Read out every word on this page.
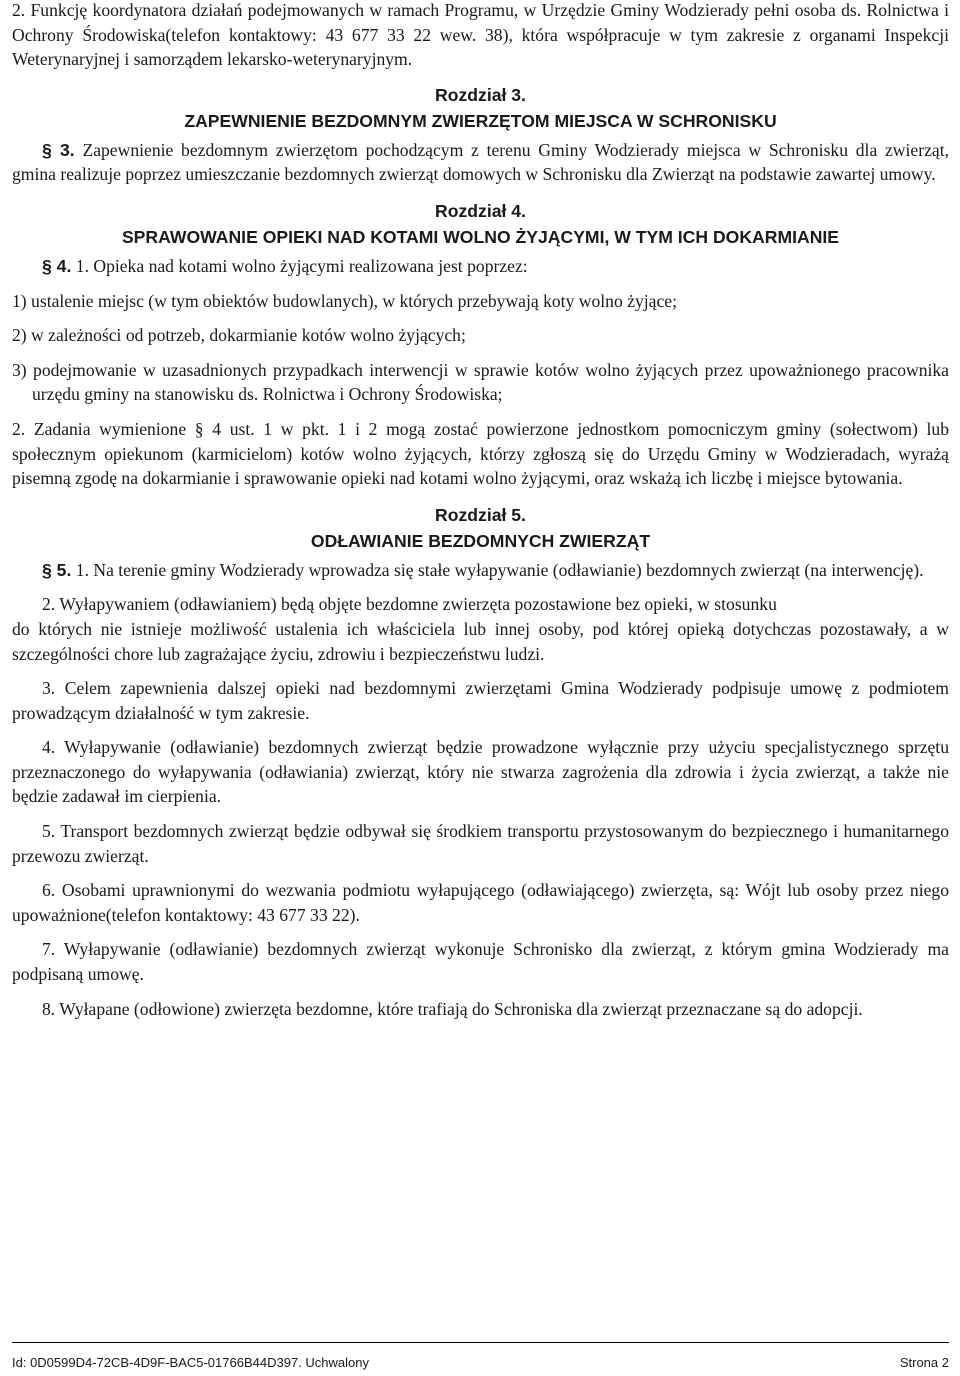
2. Funkcję koordynatora działań podejmowanych w ramach Programu, w Urzędzie Gminy Wodzierady pełni osoba ds. Rolnictwa i Ochrony Środowiska(telefon kontaktowy: 43 677 33 22 wew. 38), która współpracuje w tym zakresie z organami Inspekcji Weterynaryjnej i samorządem lekarsko-weterynaryjnym.

Rozdział 3.

ZAPEWNIENIE BEZDOMNYM ZWIERZĘTOM MIEJSCA W SCHRONISKU

§ 3. Zapewnienie bezdomnym zwierzętom pochodzącym z terenu Gminy Wodzierady miejsca w Schronisku dla zwierząt, gmina realizuje poprzez umieszczanie bezdomnych zwierząt domowych w Schronisku dla Zwierząt na podstawie zawartej umowy.

Rozdział 4.

SPRAWOWANIE OPIEKI NAD KOTAMI WOLNO ŻYJĄCYMI, W TYM ICH DOKARMIANIE

§ 4. 1. Opieka nad kotami wolno żyjącymi realizowana jest poprzez:

1) ustalenie miejsc (w tym obiektów budowlanych), w których przebywają koty wolno żyjące;

2) w zależności od potrzeb, dokarmianie kotów wolno żyjących;

3) podejmowanie w uzasadnionych przypadkach interwencji w sprawie kotów wolno żyjących przez upoważnionego pracownika urzędu gminy na stanowisku ds. Rolnictwa i Ochrony Środowiska;

2. Zadania wymienione § 4 ust. 1 w pkt. 1 i 2 mogą zostać powierzone jednostkom pomocniczym gminy (sołectwom) lub społecznym opiekunom (karmicielom) kotów wolno żyjących, którzy zgłoszą się do Urzędu Gminy w Wodzieradach, wyrażą pisemną zgodę na dokarmianie i sprawowanie opieki nad kotami wolno żyjącymi, oraz wskażą ich liczbę i miejsce bytowania.

Rozdział 5.

ODŁAWIANIE BEZDOMNYCH ZWIERZĄT

§ 5. 1. Na terenie gminy Wodzierady wprowadza się stałe wyłapywanie (odławianie) bezdomnych zwierząt (na interwencję).

2. Wyłapywaniem (odławianiem) będą objęte bezdomne zwierzęta pozostawione bez opieki, w stosunku

do których nie istnieje możliwość ustalenia ich właściciela lub innej osoby, pod której opieką dotychczas pozostawały, a w szczególności chore lub zagrażające życiu, zdrowiu i bezpieczeństwu ludzi.

3. Celem zapewnienia dalszej opieki nad bezdomnymi zwierzętami Gmina Wodzierady podpisuje umowę z podmiotem prowadzącym działalność w tym zakresie.

4. Wyłapywanie (odławianie) bezdomnych zwierząt będzie prowadzone wyłącznie przy użyciu specjalistycznego sprzętu przeznaczonego do wyłapywania (odławiania) zwierząt, który nie stwarza zagrożenia dla zdrowia i życia zwierząt, a także nie będzie zadawał im cierpienia.

5. Transport bezdomnych zwierząt będzie odbywał się środkiem transportu przystosowanym do bezpiecznego i humanitarnego przewozu zwierząt.

6. Osobami uprawnionymi do wezwania podmiotu wyłapującego (odławiającego) zwierzęta, są: Wójt lub osoby przez niego upoważnione(telefon kontaktowy: 43 677 33 22).

7. Wyłapywanie (odławianie) bezdomnych zwierząt wykonuje Schronisko dla zwierząt, z którym gmina Wodzierady ma podpisaną umowę.

8. Wyłapane (odłowione) zwierzęta bezdomne, które trafiają do Schroniska dla zwierząt przeznaczane są do adopcji.

Id: 0D0599D4-72CB-4D9F-BAC5-01766B44D397. Uchwalony	Strona 2
